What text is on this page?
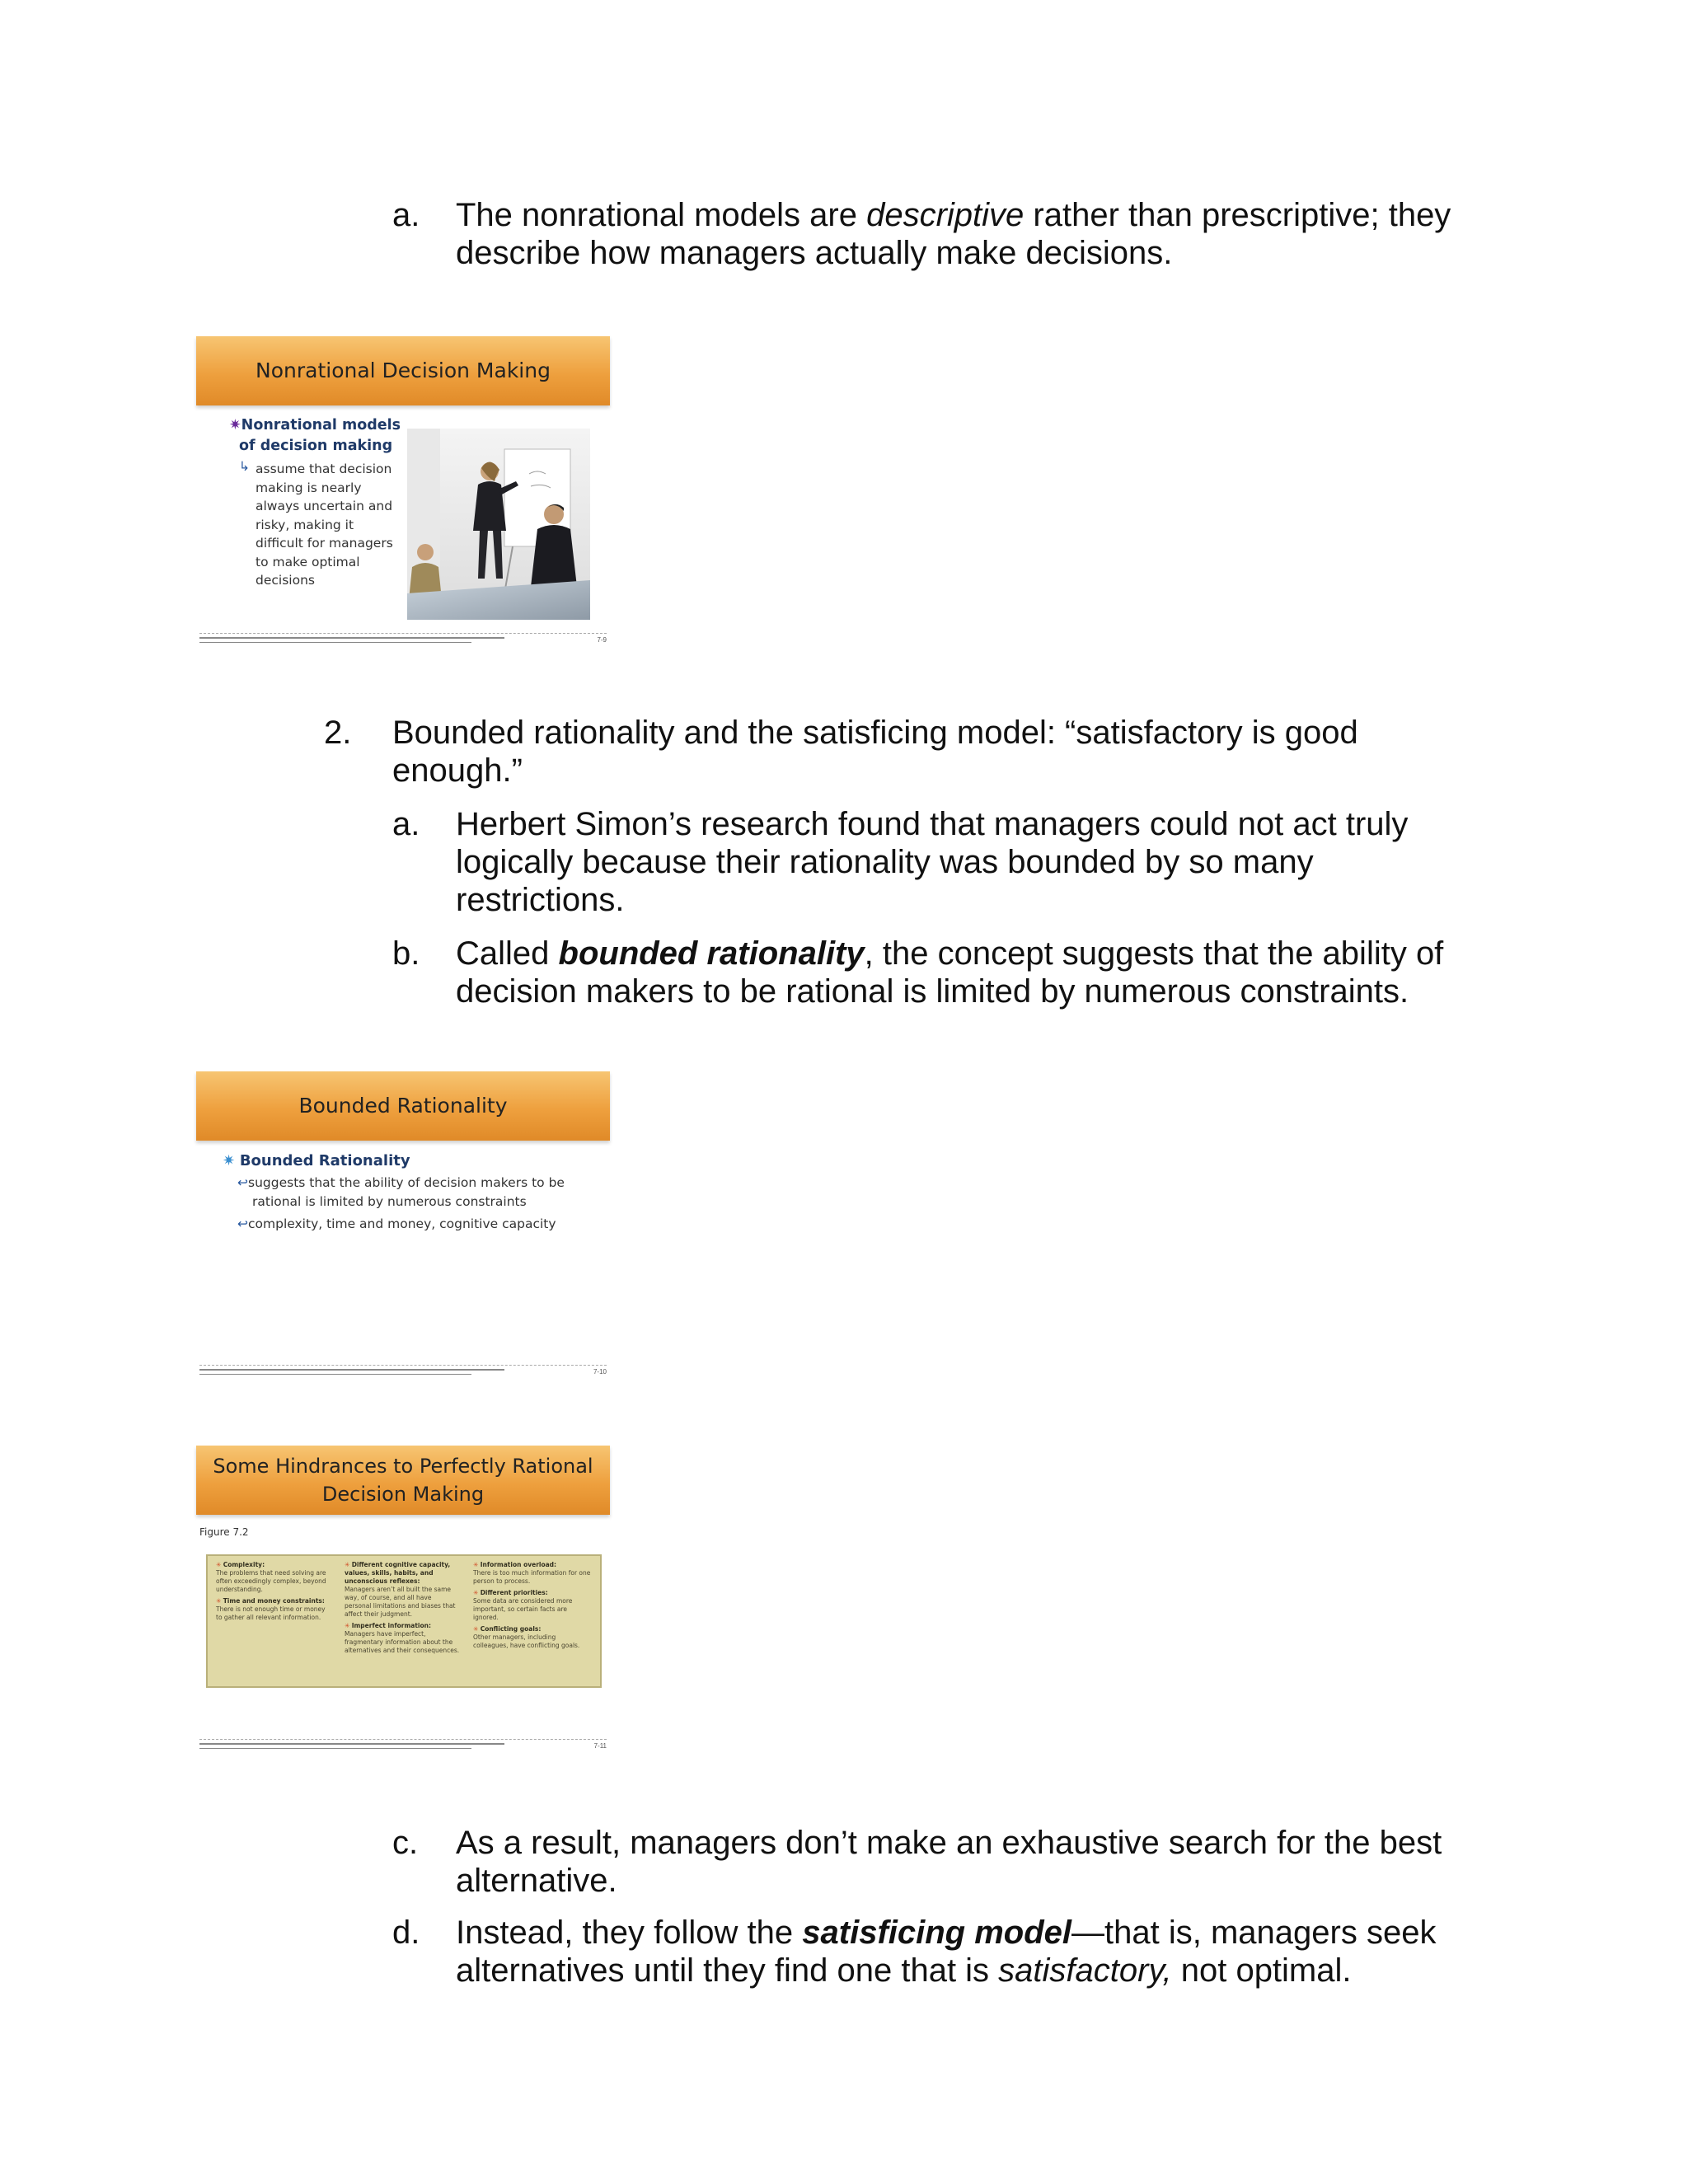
a. The nonrational models are descriptive rather than prescriptive; they
describe how managers actually make decisions.
Nonrational Decision Making
✷Nonrational models
of decision making
↳ assume that decision
making is nearly
always uncertain and
risky, making it
difficult for managers
to make optimal
decisions
7-9
2. Bounded rationality and the satisficing model: “satisfactory is good
enough.”
a. Herbert Simon’s research found that managers could not act truly
logically because their rationality was bounded by so many
restrictions.
b. Called bounded rationality, the concept suggests that the ability of
decision makers to be rational is limited by numerous constraints.
Bounded Rationality
✷ Bounded Rationality
↩suggests that the ability of decision makers to be
rational is limited by numerous constraints
↩complexity, time and money, cognitive capacity
7-10
Some Hindrances to Perfectly Rational
Decision Making
Figure 7.2
✳ Complexity:
The problems that need solving are often exceedingly complex, beyond understanding.
✳ Time and money constraints:
There is not enough time or money to gather all relevant information.
✳ Different cognitive capacity, values, skills, habits, and unconscious reflexes:
Managers aren’t all built the same way, of course, and all have personal limitations and biases that affect their judgment.
✳ Imperfect information:
Managers have imperfect, fragmentary information about the alternatives and their consequences.
✳ Information overload:
There is too much information for one person to process.
✳ Different priorities:
Some data are considered more important, so certain facts are ignored.
✳ Conflicting goals:
Other managers, including colleagues, have conflicting goals.
7-11
c. As a result, managers don’t make an exhaustive search for the best
alternative.
d. Instead, they follow the satisficing model—that is, managers seek
alternatives until they find one that is satisfactory, not optimal.
